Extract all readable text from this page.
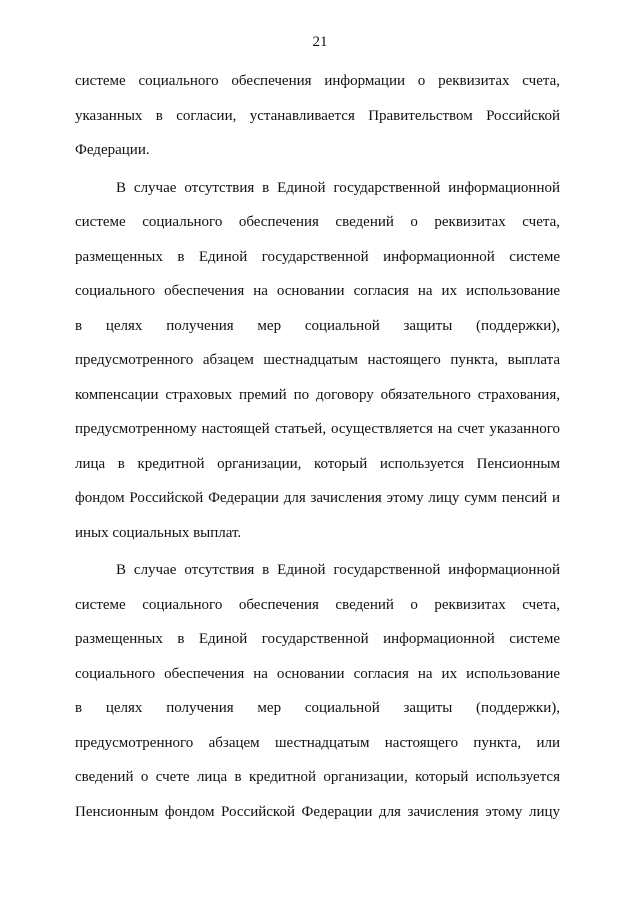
21
системе социального обеспечения информации о реквизитах счета,
указанных в согласии, устанавливается Правительством Российской
Федерации.
В случае отсутствия в Единой государственной информационной
системе социального обеспечения сведений о реквизитах счета,
размещенных в Единой государственной информационной системе
социального обеспечения на основании согласия на их использование
в целях получения мер социальной защиты (поддержки),
предусмотренного абзацем шестнадцатым настоящего пункта, выплата
компенсации страховых премий по договору обязательного страхования,
предусмотренному настоящей статьей, осуществляется на счет указанного
лица в кредитной организации, который используется Пенсионным
фондом Российской Федерации для зачисления этому лицу сумм пенсий и
иных социальных выплат.
В случае отсутствия в Единой государственной информационной
системе социального обеспечения сведений о реквизитах счета,
размещенных в Единой государственной информационной системе
социального обеспечения на основании согласия на их использование
в целях получения мер социальной защиты (поддержки),
предусмотренного абзацем шестнадцатым настоящего пункта, или
сведений о счете лица в кредитной организации, который используется
Пенсионным фондом Российской Федерации для зачисления этому лицу
